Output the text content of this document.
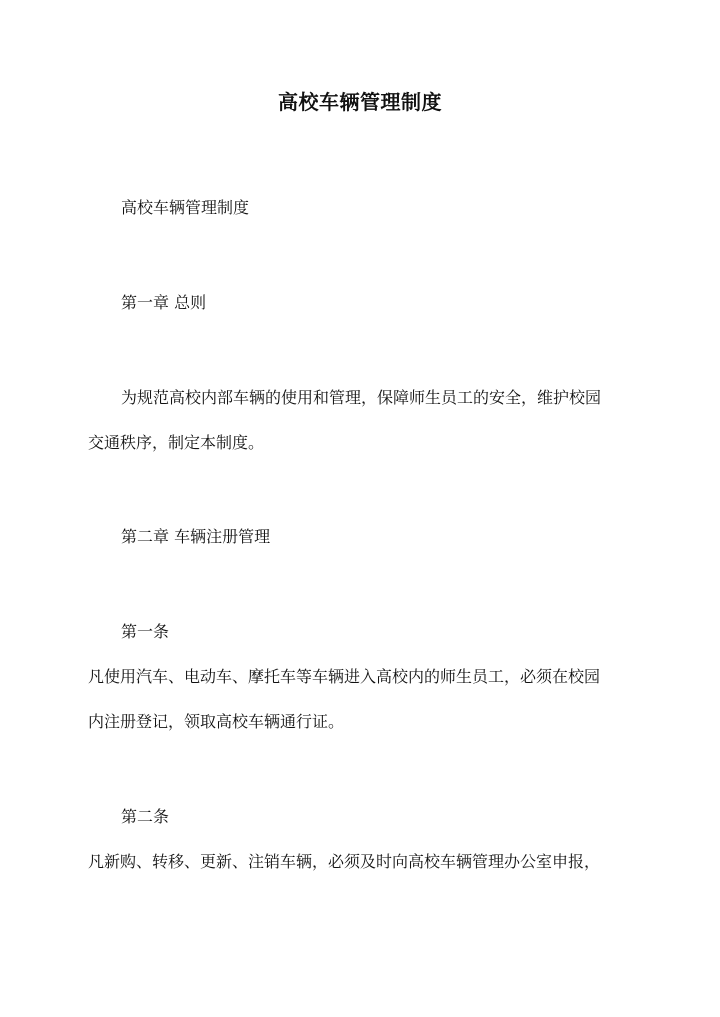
高校车辆管理制度
高校车辆管理制度
第一章 总则
为规范高校内部车辆的使用和管理，保障师生员工的安全，维护校园
交通秩序，制定本制度。
第二章 车辆注册管理
第一条
凡使用汽车、电动车、摩托车等车辆进入高校内的师生员工，必须在校园
内注册登记，领取高校车辆通行证。
第二条
凡新购、转移、更新、注销车辆，必须及时向高校车辆管理办公室申报，
